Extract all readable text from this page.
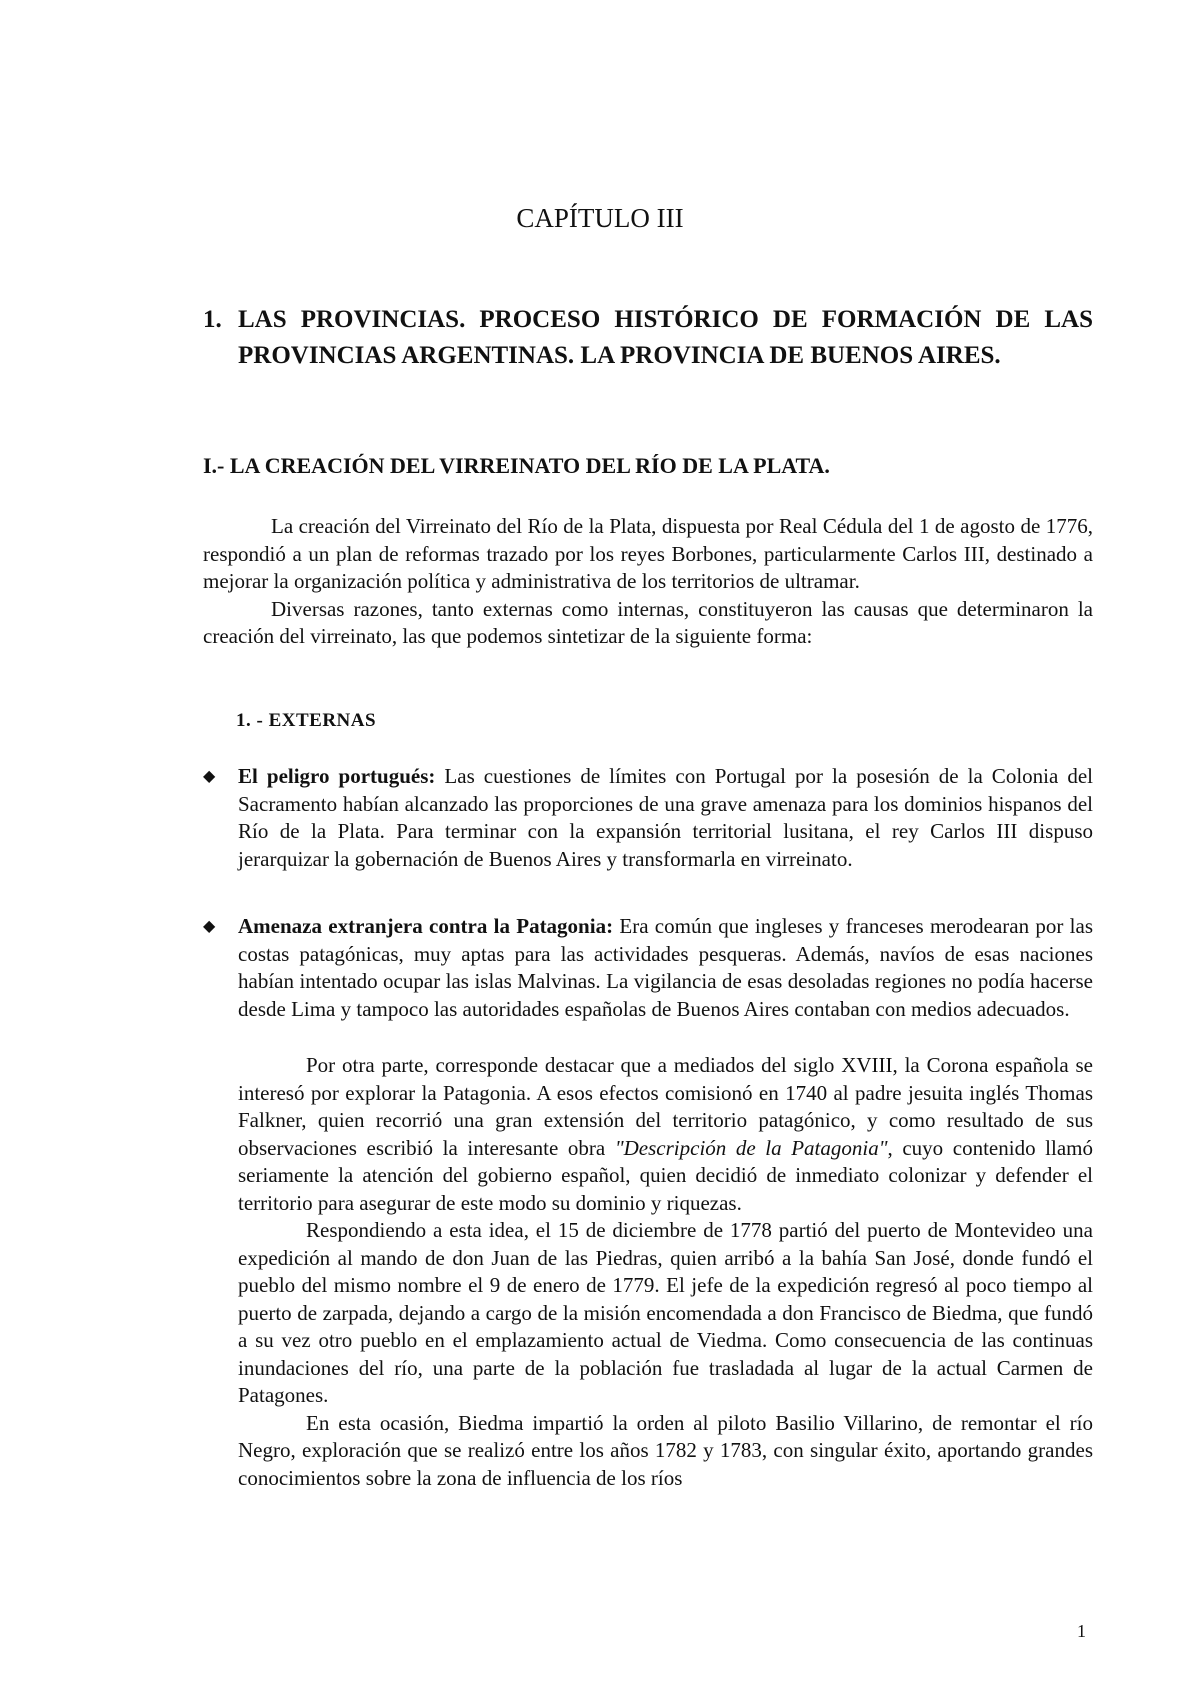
CAPÍTULO III
1. LAS PROVINCIAS. PROCESO HISTÓRICO DE FORMACIÓN DE LAS PROVINCIAS ARGENTINAS. LA PROVINCIA DE BUENOS AIRES.
I.- LA CREACIÓN DEL VIRREINATO DEL RÍO DE LA PLATA.

La creación del Virreinato del Río de la Plata, dispuesta por Real Cédula del 1 de agosto de 1776, respondió a un plan de reformas trazado por los reyes Borbones, particularmente Carlos III, destinado a mejorar la organización política y administrativa de los territorios de ultramar.

Diversas razones, tanto externas como internas, constituyeron las causas que determinaron la creación del virreinato, las que podemos sintetizar de la siguiente forma:

1. - EXTERNAS
◆	El peligro portugués: Las cuestiones de límites con Portugal por la posesión de la Colonia del Sacramento habían alcanzado las proporciones de una grave amenaza para los dominios hispanos del Río de la Plata. Para terminar con la expansión territorial lusitana, el rey Carlos III dispuso jerarquizar la gobernación de Buenos Aires y transformarla en virreinato.
◆	Amenaza extranjera contra la Patagonia: Era común que ingleses y franceses merodearan por las costas patagónicas, muy aptas para las actividades pesqueras. Además, navíos de esas naciones habían intentado ocupar las islas Malvinas. La vigilancia de esas desoladas regiones no podía hacerse desde Lima y tampoco las autoridades españolas de Buenos Aires contaban con medios adecuados.

Por otra parte, corresponde destacar que a mediados del siglo XVIII, la Corona española se interesó por explorar la Patagonia. A esos efectos comisionó en 1740 al padre jesuita inglés Thomas Falkner, quien recorrió una gran extensión del territorio patagónico, y como resultado de sus observaciones escribió la interesante obra "Descripción de la Patagonia", cuyo contenido llamó seriamente la atención del gobierno español, quien decidió de inmediato colonizar y defender el territorio para asegurar de este modo su dominio y riquezas.

Respondiendo a esta idea, el 15 de diciembre de 1778 partió del puerto de Montevideo una expedición al mando de don Juan de las Piedras, quien arribó a la bahía San José, donde fundó el pueblo del mismo nombre el 9 de enero de 1779. El jefe de la expedición regresó al poco tiempo al puerto de zarpada, dejando a cargo de la misión encomendada a don Francisco de Biedma, que fundó a su vez otro pueblo en el emplazamiento actual de Viedma. Como consecuencia de las continuas inundaciones del río, una parte de la población fue trasladada al lugar de la actual Carmen de Patagones.

En esta ocasión, Biedma impartió la orden al piloto Basilio Villarino, de remontar el río Negro, exploración que se realizó entre los años 1782 y 1783, con singular éxito, aportando grandes conocimientos sobre la zona de influencia de los ríos

1
